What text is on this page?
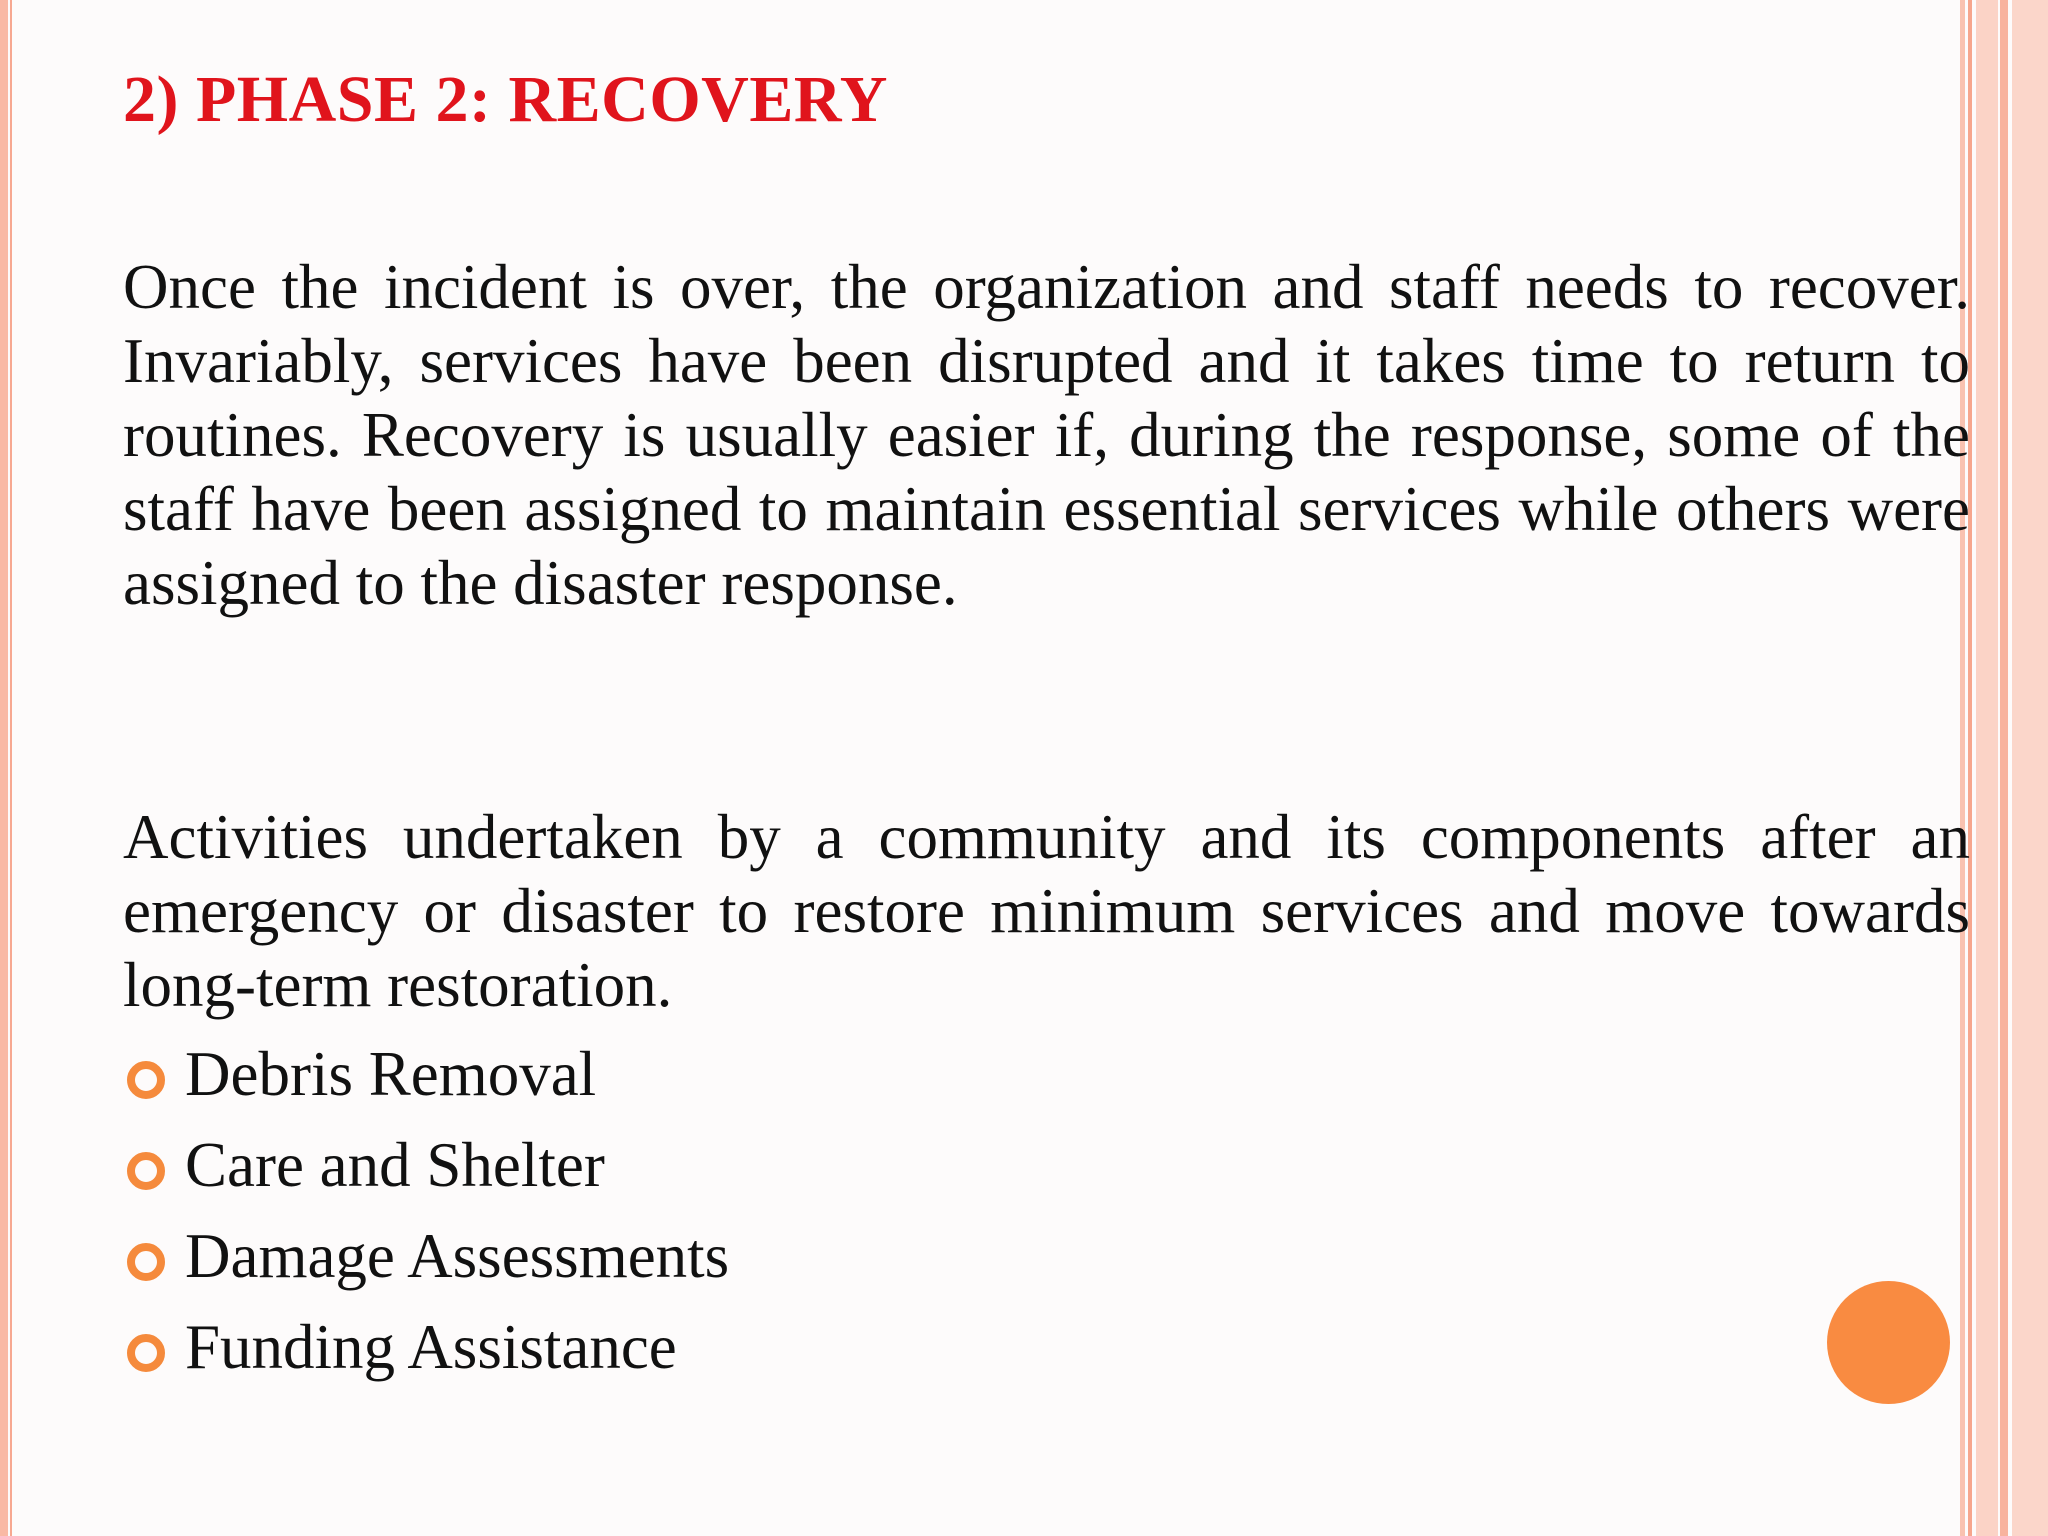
2) PHASE 2: RECOVERY

Once the incident is over, the organization and staff needs to recover. Invariably, services have been disrupted and it takes time to return to routines. Recovery is usually easier if, during the response, some of the staff have been assigned to maintain essential services while others were assigned to the disaster response.

Activities undertaken by a community and its components after an emergency or disaster to restore minimum services and move towards long-term restoration.

Debris Removal
Care and Shelter
Damage Assessments
Funding Assistance
